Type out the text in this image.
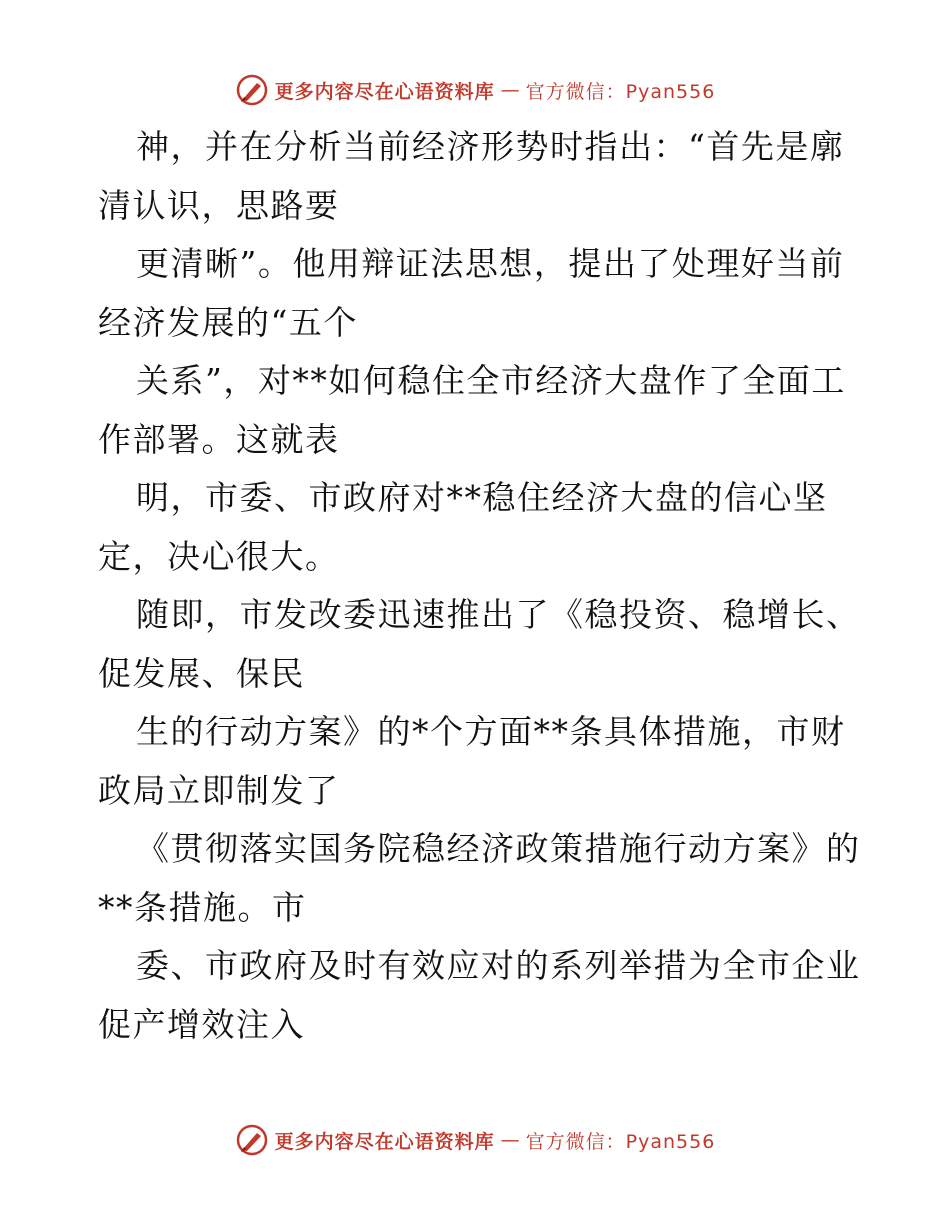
更多内容尽在心语资料库 — 官方微信：Pyan556
神，并在分析当前经济形势时指出：“首先是廓
清认识，思路要
更清晰”。他用辩证法思想，提出了处理好当前
经济发展的“五个
关系”，对**如何稳住全市经济大盘作了全面工
作部署。这就表
明，市委、市政府对**稳住经济大盘的信心坚
定，决心很大。
随即，市发改委迅速推出了《稳投资、稳增长、
促发展、保民
生的行动方案》的*个方面**条具体措施，市财
政局立即制发了
《贯彻落实国务院稳经济政策措施行动方案》的
**条措施。市
委、市政府及时有效应对的系列举措为全市企业
促产增效注入
更多内容尽在心语资料库 — 官方微信：Pyan556
